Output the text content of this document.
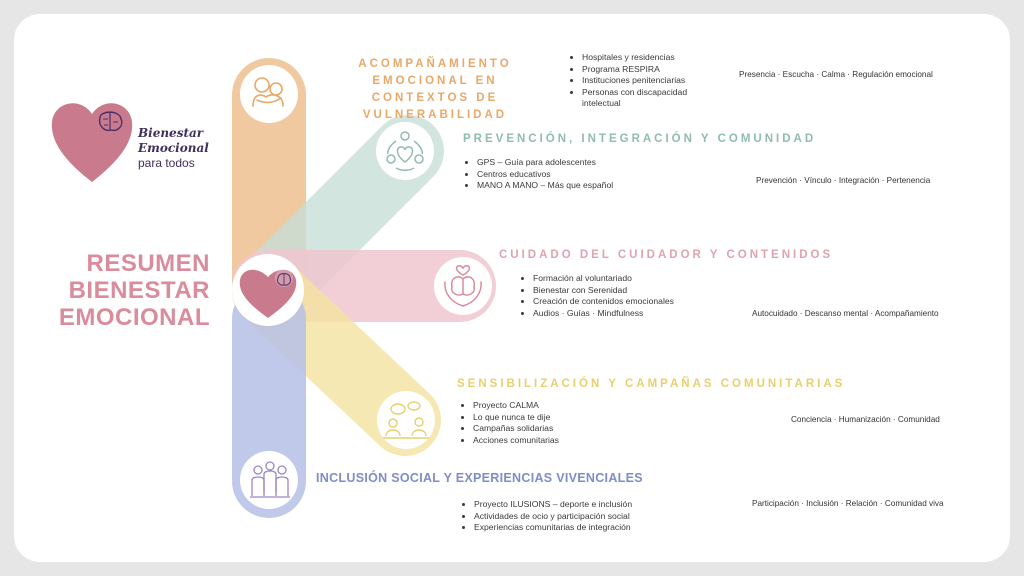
Bienestar
Emocional
para todos
RESUMEN
BIENESTAR
EMOCIONAL
ACOMPAÑAMIENTO EMOCIONAL EN
CONTEXTOS DE VULNERABILIDAD
• Hospitales y residencias
• Programa RESPIRA
• Instituciones penitenciarias
• Personas con discapacidad intelectual
Presencia · Escucha · Calma · Regulación emocional
PREVENCIÓN, INTEGRACIÓN Y COMUNIDAD
• GPS – Guía para adolescentes
• Centros educativos
• MANO A MANO – Más que español	Prevención · Vínculo · Integración · Pertenencia
CUIDADO DEL CUIDADOR Y CONTENIDOS
• Formación al voluntariado
• Bienestar con Serenidad
• Creación de contenidos emocionales
• Audios · Guías · Mindfulness	Autocuidado · Descanso mental · Acompañamiento
SENSIBILIZACIÓN Y CAMPAÑAS COMUNITARIAS
• Proyecto CALMA
• Lo que nunca te dije
• Campañas solidarias
• Acciones comunitarias
Conciencia · Humanización · Comunidad
INCLUSIÓN SOCIAL Y EXPERIENCIAS VIVENCIALES
• Proyecto ILUSIONS – deporte e inclusión
• Actividades de ocio y participación social
• Experiencias comunitarias de integración
Participación · Inclusión · Relación · Comunidad viva
